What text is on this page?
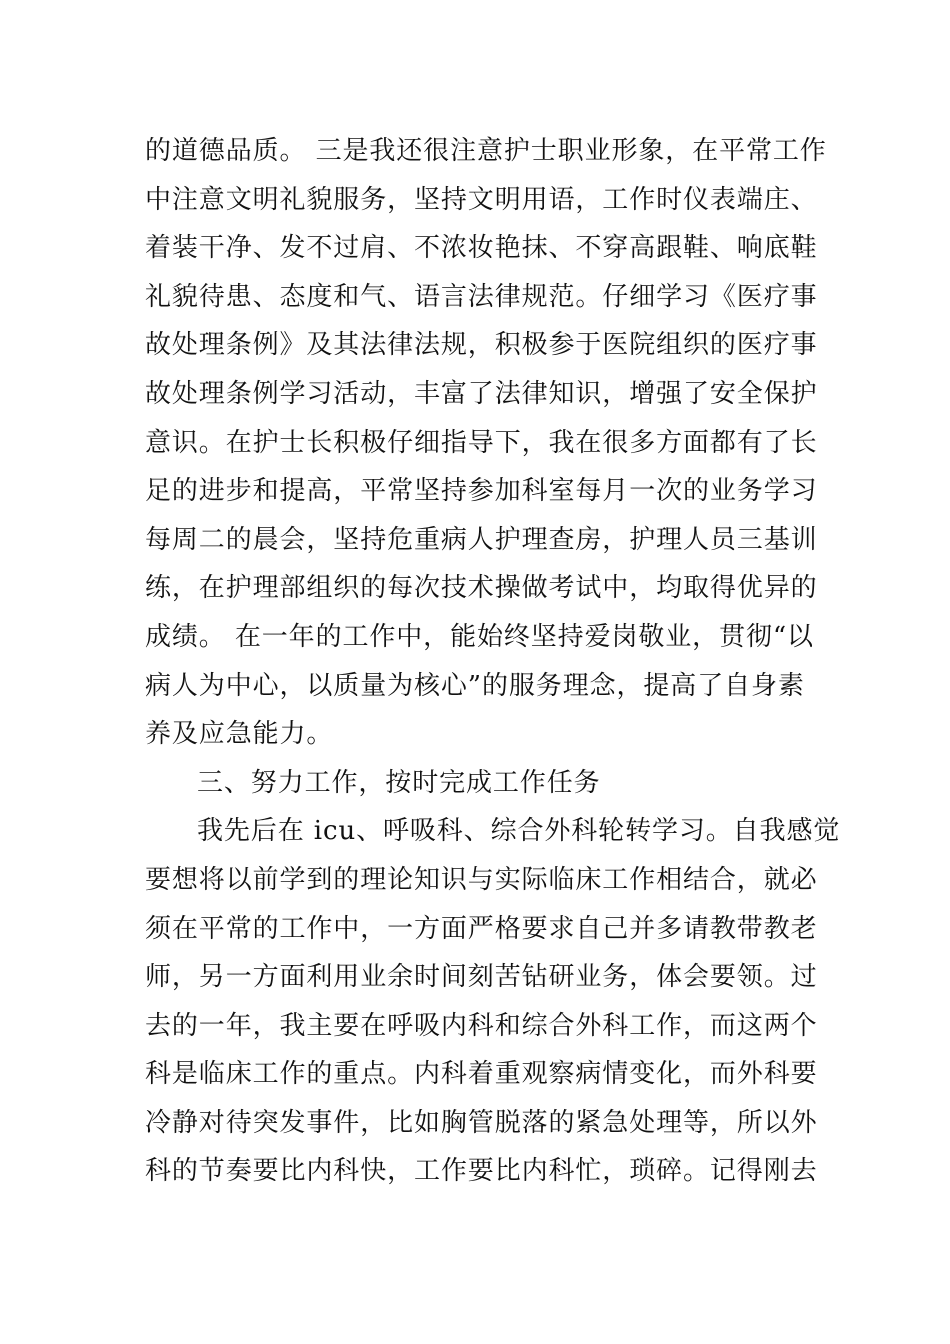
的道德品质。 三是我还很注意护士职业形象，在平常工作
中注意文明礼貌服务，坚持文明用语，工作时仪表端庄、
着装干净、发不过肩、不浓妆艳抹、不穿高跟鞋、响底鞋
礼貌待患、态度和气、语言法律规范。仔细学习《医疗事
故处理条例》及其法律法规，积极参于医院组织的医疗事
故处理条例学习活动，丰富了法律知识，增强了安全保护
意识。在护士长积极仔细指导下，我在很多方面都有了长
足的进步和提高，平常坚持参加科室每月一次的业务学习
每周二的晨会，坚持危重病人护理查房，护理人员三基训
练，在护理部组织的每次技术操做考试中，均取得优异的
成绩。 在一年的工作中，能始终坚持爱岗敬业，贯彻“以
病人为中心，以质量为核心”的服务理念，提高了自身素
养及应急能力。
三、努力工作，按时完成工作任务
我先后在 icu、呼吸科、综合外科轮转学习。自我感觉
要想将以前学到的理论知识与实际临床工作相结合，就必
须在平常的工作中，一方面严格要求自己并多请教带教老
师，另一方面利用业余时间刻苦钻研业务，体会要领。过
去的一年，我主要在呼吸内科和综合外科工作，而这两个
科是临床工作的重点。内科着重观察病情变化，而外科要
冷静对待突发事件，比如胸管脱落的紧急处理等，所以外
科的节奏要比内科快，工作要比内科忙，琐碎。记得刚去
